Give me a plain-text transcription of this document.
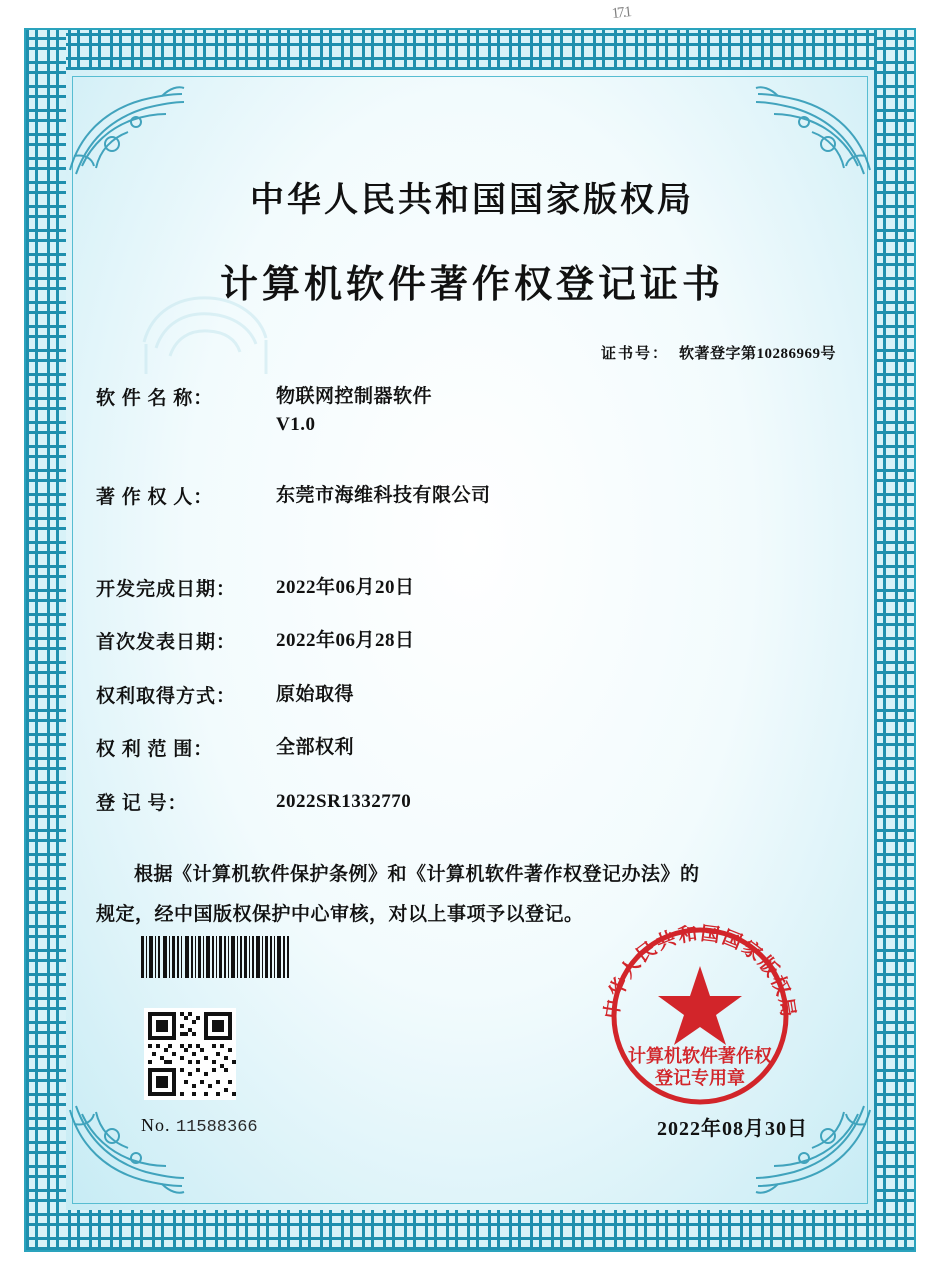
17.1
中华人民共和国国家版权局
计算机软件著作权登记证书
证书号： 软著登字第10286969号
软 件 名 称：	物联网控制器软件
V1.0
著 作 权 人：	东莞市海维科技有限公司
开发完成日期：	2022年06月20日
首次发表日期：	2022年06月28日
权利取得方式：	原始取得
权 利 范 围：	全部权利
登 记 号：	2022SR1332770
根据《计算机软件保护条例》和《计算机软件著作权登记办法》的
规定，经中国版权保护中心审核，对以上事项予以登记。
No. 11588366	2022年08月30日
中华人民共和国国家版权局
计算机软件著作权
登记专用章
